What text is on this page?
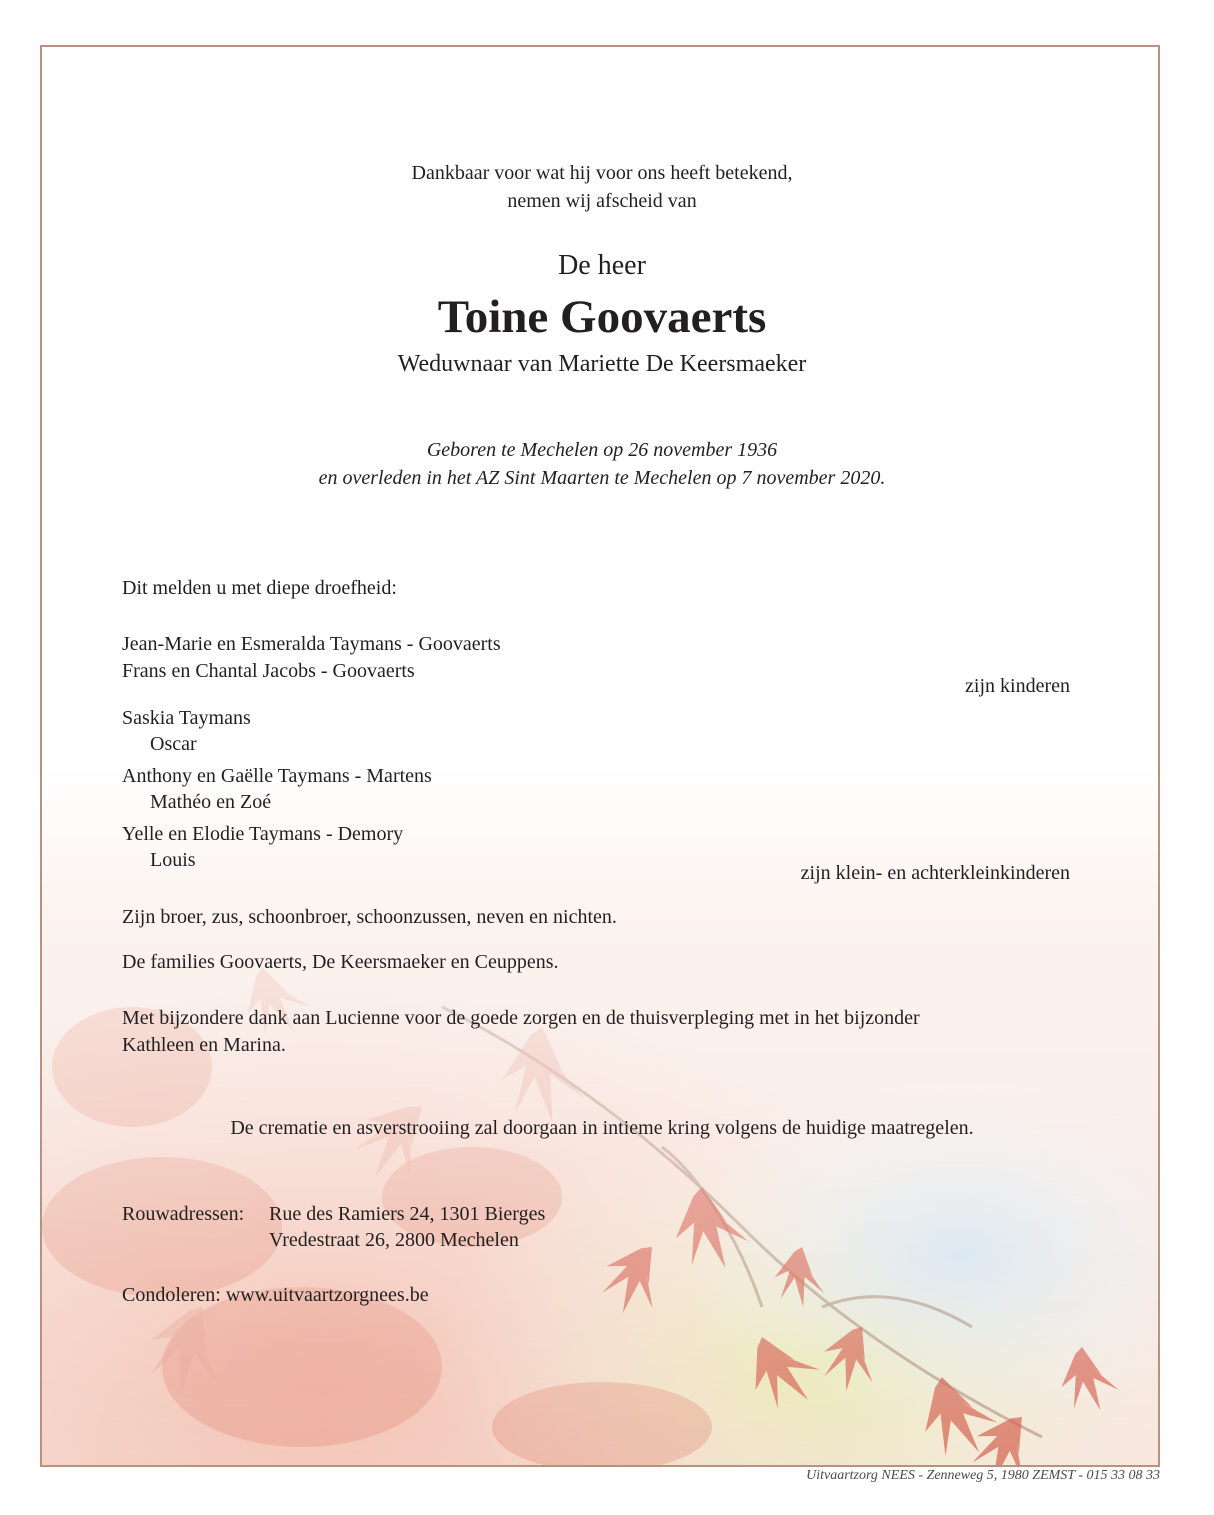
Dankbaar voor wat hij voor ons heeft betekend,
nemen wij afscheid van
De heer
Toine Goovaerts
Weduwnaar van Mariette De Keersmaeker
Geboren te Mechelen op 26 november 1936
en overleden in het AZ Sint Maarten te Mechelen op 7 november 2020.
Dit melden u met diepe droefheid:
Jean-Marie en Esmeralda Taymans - Goovaerts
Frans en Chantal Jacobs - Goovaerts
zijn kinderen
Saskia Taymans
Oscar
Anthony en Gaëlle Taymans - Martens
Mathéo en Zoé
Yelle en Elodie Taymans - Demory
Louis
zijn klein- en achterkleinkinderen
Zijn broer, zus, schoonbroer, schoonzussen, neven en nichten.
De families Goovaerts, De Keersmaeker en Ceuppens.
Met bijzondere dank aan Lucienne voor de goede zorgen en de thuisverpleging met in het bijzonder
Kathleen en Marina.
De crematie en asverstrooiing zal doorgaan in intieme kring volgens de huidige maatregelen.
Rouwadressen: Rue des Ramiers 24, 1301 Bierges
Vredestraat 26, 2800 Mechelen
Condoleren: www.uitvaartzorgnees.be
Uitvaartzorg NEES - Zenneweg 5, 1980 ZEMST - 015 33 08 33
